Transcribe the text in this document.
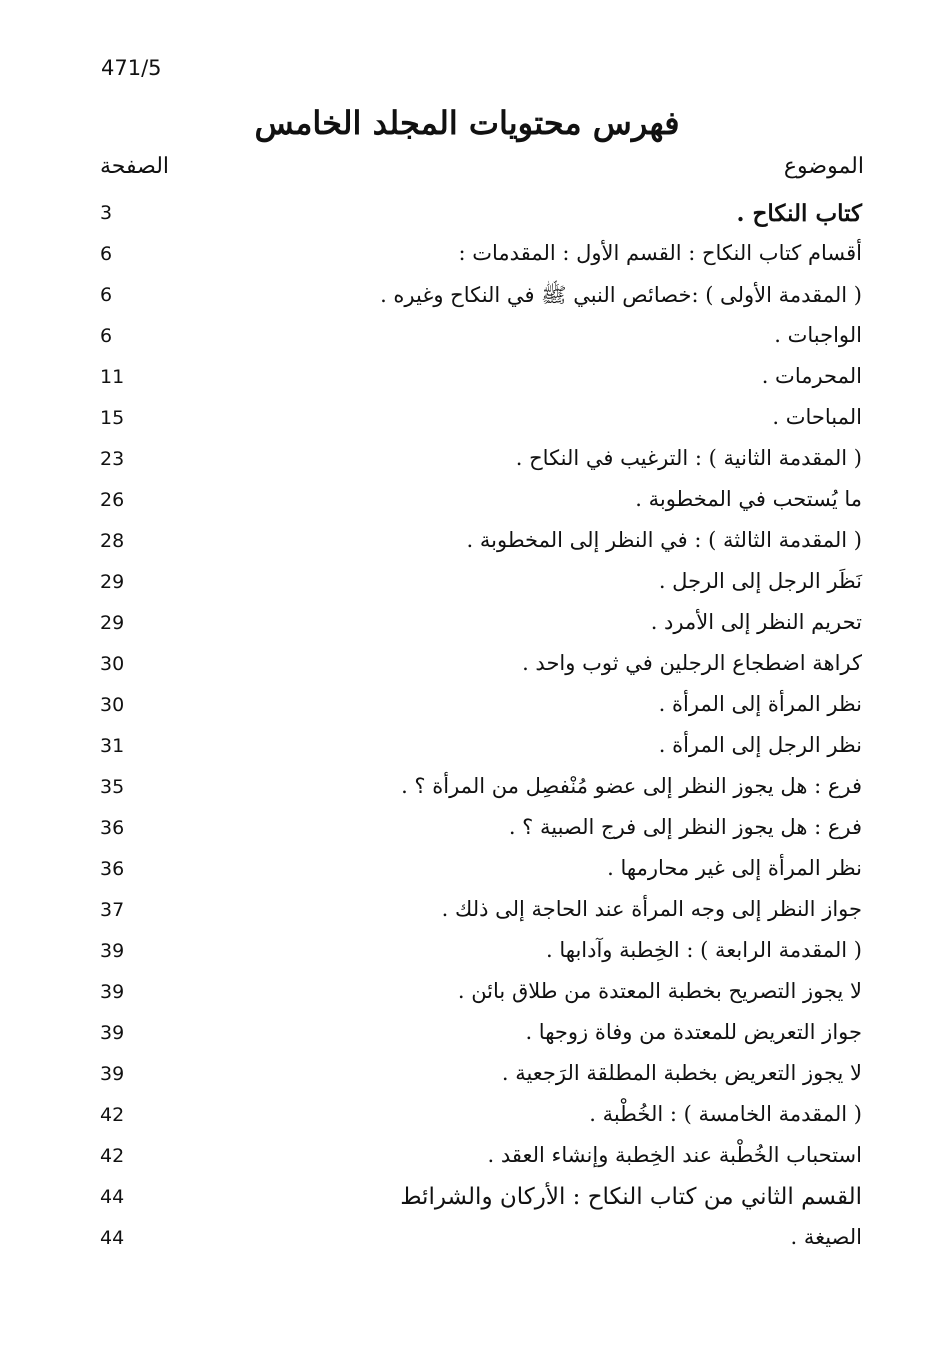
471/5
فهرس محتويات المجلد الخامس
الموضوع
الصفحة
كتاب النكاح .
3
أقسام كتاب النكاح : القسم الأول : المقدمات :
6
( المقدمة الأولى ) :خصائص النبي ﷺ في النكاح وغيره .
6
الواجبات .
6
المحرمات .
11
المباحات .
15
( المقدمة الثانية ) : الترغيب في النكاح .
23
ما يُستحب في المخطوبة .
26
( المقدمة الثالثة ) : في النظر إلى المخطوبة .
28
نَظَر الرجل إلى الرجل .
29
تحريم النظر إلى الأمرد .
29
كراهة اضطجاع الرجلين في ثوب واحد .
30
نظر المرأة إلى المرأة .
30
نظر الرجل إلى المرأة .
31
فرع : هل يجوز النظر إلى عضو مُنْفصِل من المرأة ؟ .
35
فرع : هل يجوز النظر إلى فرج الصبية ؟ .
36
نظر المرأة إلى غير محارمها .
36
جواز النظر إلى وجه المرأة عند الحاجة إلى ذلك .
37
( المقدمة الرابعة ) : الخِطبة وآدابها .
39
لا يجوز التصريح بخطبة المعتدة من طلاق بائن .
39
جواز التعريض للمعتدة من وفاة زوجها .
39
لا يجوز التعريض بخطبة المطلقة الرَجعية .
39
( المقدمة الخامسة ) : الخُطْبة .
42
استحباب الخُطْبة عند الخِطبة وإنشاء العقد .
42
القسم الثاني من كتاب النكاح : الأركان والشرائط
44
الصيغة .
44
